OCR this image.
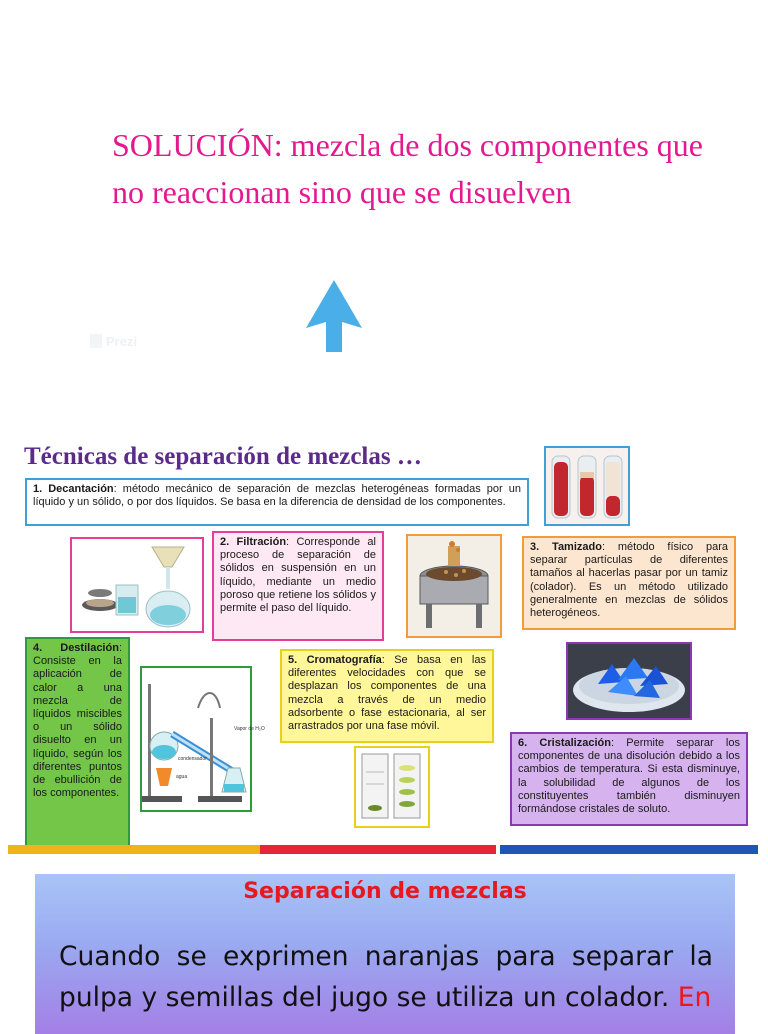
SOLUCIÓN: mezcla de dos componentes que no reaccionan sino que se disuelven

Prezi
Técnicas de separación de mezclas …
1. Decantación: método mecánico de separación de mezclas heterogéneas formadas por un líquido y un sólido, o por dos líquidos. Se basa en la diferencia de densidad de los componentes.
2. Filtración: Corresponde al proceso de separación de sólidos en suspensión en un líquido, mediante un medio poroso que retiene los sólidos y permite el paso del líquido.
3. Tamizado: método físico para separar partículas de diferentes tamaños al hacerlas pasar por un tamiz (colador). Es un método utilizado generalmente en mezclas de sólidos heterogéneos.
4. Destilación: Consiste en la aplicación de calor a una mezcla de líquidos miscibles o un sólido disuelto en un líquido, según los diferentes puntos de ebullición de los componentes.
Vapor de H₂O
condensador
agua
5. Cromatografía: Se basa en las diferentes velocidades con que se desplazan los componentes de una mezcla a través de un medio adsorbente o fase estacionaria, al ser arrastrados por una fase móvil.
6. Cristalización: Permite separar los componentes de una disolución debido a los cambios de temperatura. Si esta disminuye, la solubilidad de algunos de los constituyentes también disminuyen formándose cristales de soluto.
Separación de mezclas

Cuando se exprimen naranjas para separar la pulpa y semillas del jugo se utiliza un colador. En
